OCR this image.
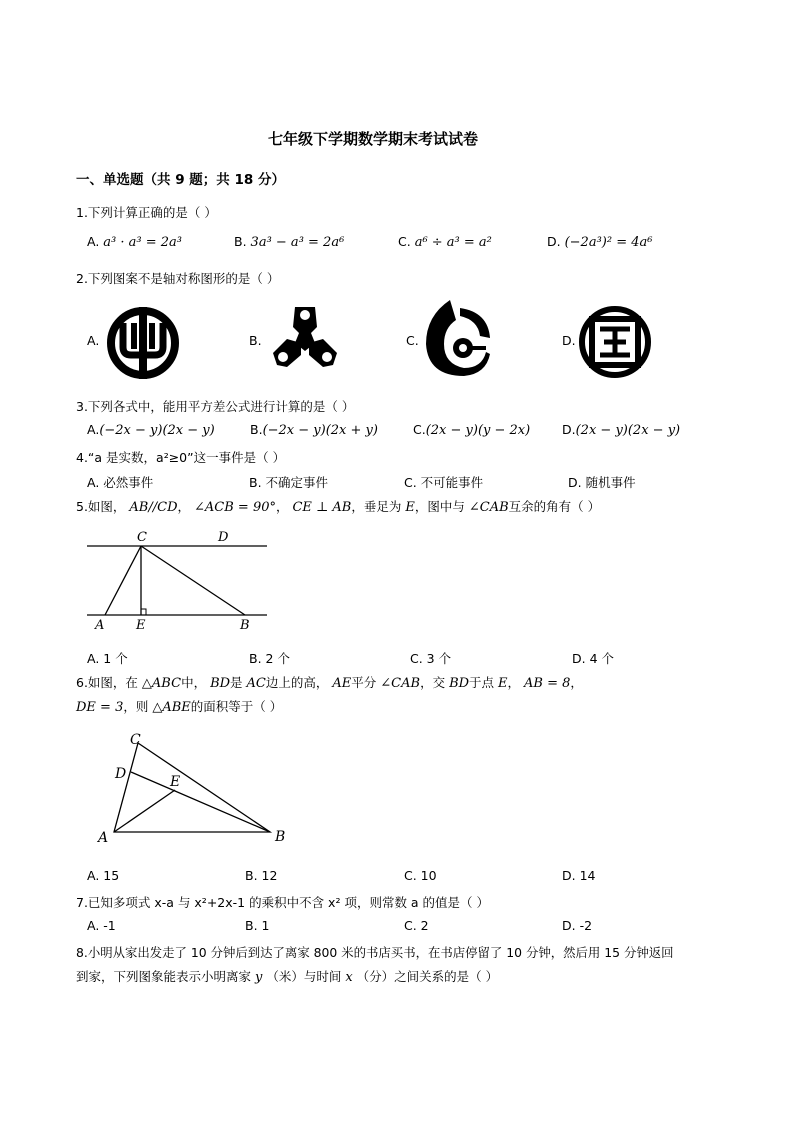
七年级下学期数学期末考试试卷
一、单选题（共 9 题；共 18 分）
1.下列计算正确的是（ ）
A. a³ · a³ = 2a³	B. 3a³ − a³ = 2a⁶	C. a⁶ ÷ a³ = a²	D. (−2a³)² = 4a⁶
2.下列图案不是轴对称图形的是（ ）
A.	B.	C.	D.
3.下列各式中，能用平方差公式进行计算的是（ ）
A.(−2x − y)(2x − y)	B.(−2x − y)(2x + y)	C.(2x − y)(y − 2x)	D.(2x − y)(2x − y)
4.“a 是实数，a²≥0”这一事件是（ ）
A. 必然事件	B. 不确定事件	C. 不可能事件	D. 随机事件
5.如图， AB//CD， ∠ACB = 90°， CE ⊥ AB，垂足为 E，图中与 ∠CAB互余的角有（ ）
C	D
A E	B
A. 1 个	B. 2 个	C. 3 个	D. 4 个
6.如图，在 △ABC中， BD是 AC边上的高， AE平分 ∠CAB，交 BD于点 E， AB = 8，
DE = 3，则 △ABE的面积等于（ ）
C
D	E
A	B
A. 15	B. 12	C. 10	D. 14
7.已知多项式 x-a 与 x²+2x-1 的乘积中不含 x² 项，则常数 a 的值是（ ）
A. -1	B. 1	C. 2	D. -2
8.小明从家出发走了 10 分钟后到达了离家 800 米的书店买书，在书店停留了 10 分钟，然后用 15 分钟返回
到家，下列图象能表示小明离家 y （米）与时间 x （分）之间关系的是（ ）
